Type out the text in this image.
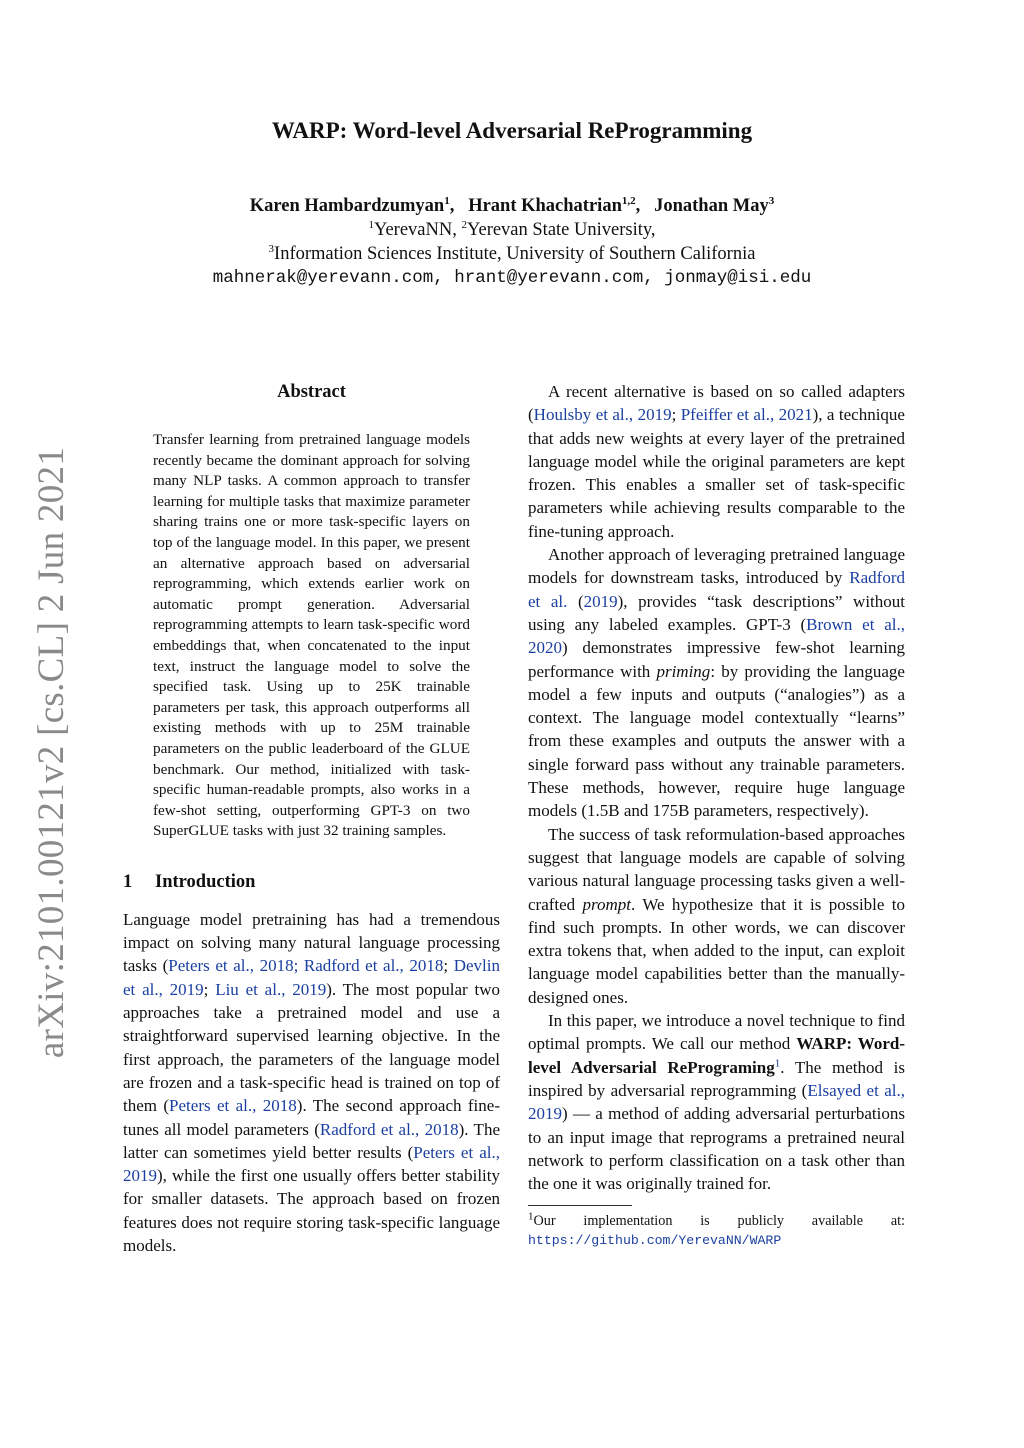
arXiv:2101.00121v2 [cs.CL] 2 Jun 2021
WARP: Word-level Adversarial ReProgramming
Karen Hambardzumyan$^1$,   Hrant Khachatrian$^{1,2}$,   Jonathan May$^3$
$^1$YerevaNN, $^2$Yerevan State University,
$^3$Information Sciences Institute, University of Southern California
mahnerak@yerevann.com, hrant@yerevann.com, jonmay@isi.edu
Abstract
Transfer learning from pretrained language models recently became the dominant approach for solving many NLP tasks. A common approach to transfer learning for multiple tasks that maximize parameter sharing trains one or more task-specific layers on top of the language model. In this paper, we present an alternative approach based on adversarial reprogramming, which extends earlier work on automatic prompt generation. Adversarial reprogramming attempts to learn task-specific word embeddings that, when concatenated to the input text, instruct the language model to solve the specified task. Using up to 25K trainable parameters per task, this approach outperforms all existing methods with up to 25M trainable parameters on the public leaderboard of the GLUE benchmark. Our method, initialized with task-specific human-readable prompts, also works in a few-shot setting, outperforming GPT-3 on two SuperGLUE tasks with just 32 training samples.
1 Introduction

Language model pretraining has had a tremendous impact on solving many natural language processing tasks (Peters et al., 2018; Radford et al., 2018; Devlin et al., 2019; Liu et al., 2019). The most popular two approaches take a pretrained model and use a straightforward supervised learning objective. In the first approach, the parameters of the language model are frozen and a task-specific head is trained on top of them (Peters et al., 2018). The second approach fine-tunes all model parameters (Radford et al., 2018). The latter can sometimes yield better results (Peters et al., 2019), while the first one usually offers better stability for smaller datasets. The approach based on frozen features does not require storing task-specific language models.

A recent alternative is based on so called adapters (Houlsby et al., 2019; Pfeiffer et al., 2021), a technique that adds new weights at every layer of the pretrained language model while the original parameters are kept frozen. This enables a smaller set of task-specific parameters while achieving results comparable to the fine-tuning approach.

Another approach of leveraging pretrained language models for downstream tasks, introduced by Radford et al. (2019), provides “task descriptions” without using any labeled examples. GPT-3 (Brown et al., 2020) demonstrates impressive few-shot learning performance with priming: by providing the language model a few inputs and outputs (“analogies”) as a context. The language model contextually “learns” from these examples and outputs the answer with a single forward pass without any trainable parameters. These methods, however, require huge language models (1.5B and 175B parameters, respectively).

The success of task reformulation-based approaches suggest that language models are capable of solving various natural language processing tasks given a well-crafted prompt. We hypothesize that it is possible to find such prompts. In other words, we can discover extra tokens that, when added to the input, can exploit language model capabilities better than the manually-designed ones.

In this paper, we introduce a novel technique to find optimal prompts. We call our method WARP: Word-level Adversarial RePrograming$^1$. The method is inspired by adversarial reprogramming (Elsayed et al., 2019) — a method of adding adversarial perturbations to an input image that reprograms a pretrained neural network to perform classification on a task other than the one it was originally trained for.

$^1$Our implementation is publicly available at: https://github.com/YerevaNN/WARP
